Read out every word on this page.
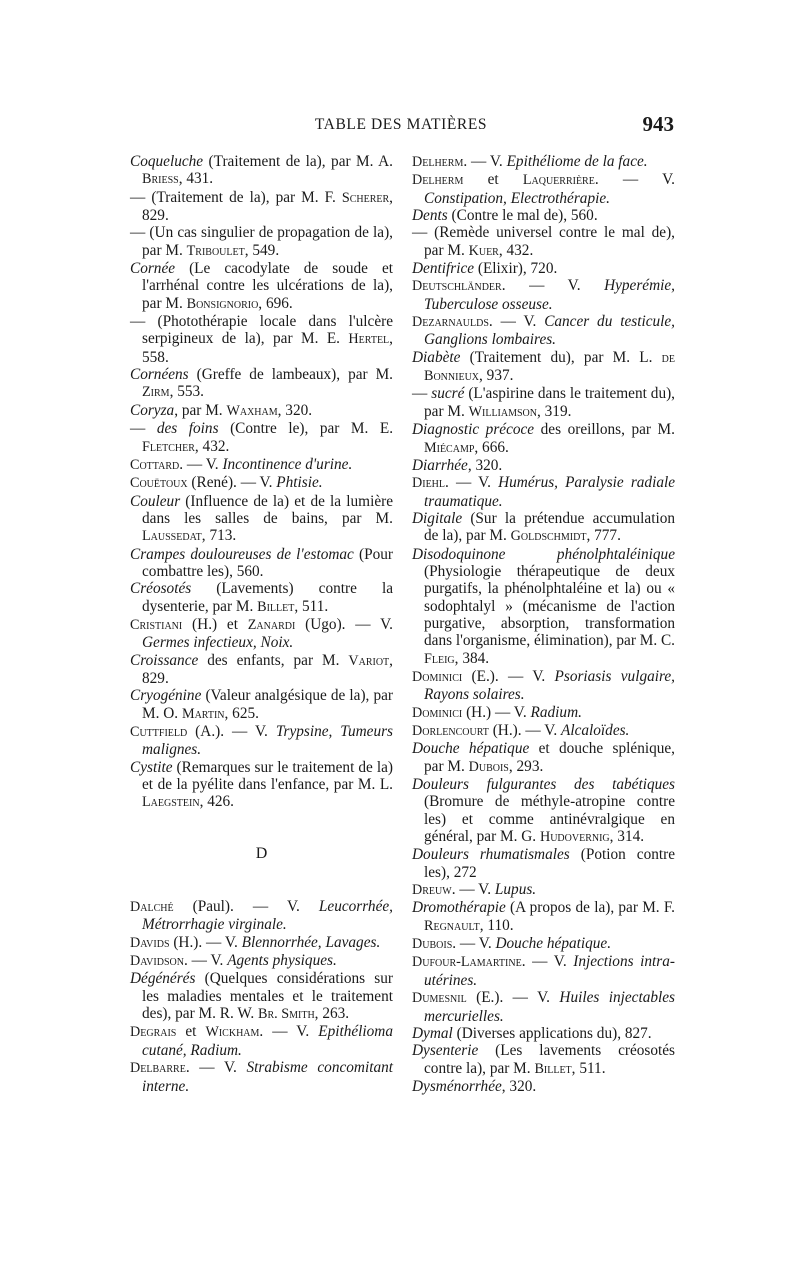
TABLE DES MATIÈRES	943

Coqueluche (Traitement de la), par M. A. Briess, 431.

— (Traitement de la), par M. F. Scherer, 829.

— (Un cas singulier de propagation de la), par M. Triboulet, 549.

Cornée (Le cacodylate de soude et l'arrhénal contre les ulcérations de la), par M. Bonsignorio, 696.

— (Photothérapie locale dans l'ulcère serpigineux de la), par M. E. Hertel, 558.

Cornéens (Greffe de lambeaux), par M. Zirm, 553.

Coryza, par M. Waxham, 320.

— des foins (Contre le), par M. E. Fletcher, 432.

Cottard. — V. Incontinence d'urine.

Couëtoux (René). — V. Phtisie.

Couleur (Influence de la) et de la lumière dans les salles de bains, par M. Laussedat, 713.

Crampes douloureuses de l'estomac (Pour combattre les), 560.

Créosotés (Lavements) contre la dysenterie, par M. Billet, 511.

Cristiani (H.) et Zanardi (Ugo). — V. Germes infectieux, Noix.

Croissance des enfants, par M. Variot, 829.

Cryogénine (Valeur analgésique de la), par M. O. Martin, 625.

Cuttfield (A.). — V. Trypsine, Tumeurs malignes.

Cystite (Remarques sur le traitement de la) et de la pyélite dans l'enfance, par M. L. Laegstein, 426.

D

Dalché (Paul). — V. Leucorrhée, Métrorrhagie virginale.

Davids (H.). — V. Blennorrhée, Lavages.

Davidson. — V. Agents physiques.

Dégénérés (Quelques considérations sur les maladies mentales et le traitement des), par M. R. W. Br. Smith, 263.

Degrais et Wickham. — V. Epithélioma cutané, Radium.

Delbarre. — V. Strabisme concomitant interne.

Delherm. — V. Epithéliome de la face.

Delherm et Laquerrière. — V. Constipation, Electrothérapie.

Dents (Contre le mal de), 560.

— (Remède universel contre le mal de), par M. Kuer, 432.

Dentifrice (Elixir), 720.

Deutschländer. — V. Hyperémie, Tuberculose osseuse.

Dezarnaulds. — V. Cancer du testicule, Ganglions lombaires.

Diabète (Traitement du), par M. L. de Bonnieux, 937.

— sucré (L'aspirine dans le traitement du), par M. Williamson, 319.

Diagnostic précoce des oreillons, par M. Miécamp, 666.

Diarrhée, 320.

Diehl. — V. Humérus, Paralysie radiale traumatique.

Digitale (Sur la prétendue accumulation de la), par M. Goldschmidt, 777.

Disodoquinone phénolphtaléinique (Physiologie thérapeutique de deux purgatifs, la phénolphtaléine et la) ou « sodophtalyl » (mécanisme de l'action purgative, absorption, transformation dans l'organisme, élimination), par M. C. Fleig, 384.

Dominici (E.). — V. Psoriasis vulgaire, Rayons solaires.

Dominici (H.) — V. Radium.

Dorlencourt (H.). — V. Alcaloïdes.

Douche hépatique et douche splénique, par M. Dubois, 293.

Douleurs fulgurantes des tabétiques (Bromure de méthyle-atropine contre les) et comme antinévralgique en général, par M. G. Hudovernig, 314.

Douleurs rhumatismales (Potion contre les), 272

Dreuw. — V. Lupus.

Dromothérapie (A propos de la), par M. F. Regnault, 110.

Dubois. — V. Douche hépatique.

Dufour-Lamartine. — V. Injections intra-utérines.

Dumesnil (E.). — V. Huiles injectables mercurielles.

Dymal (Diverses applications du), 827.

Dysenterie (Les lavements créosotés contre la), par M. Billet, 511.

Dysménorrhée, 320.
